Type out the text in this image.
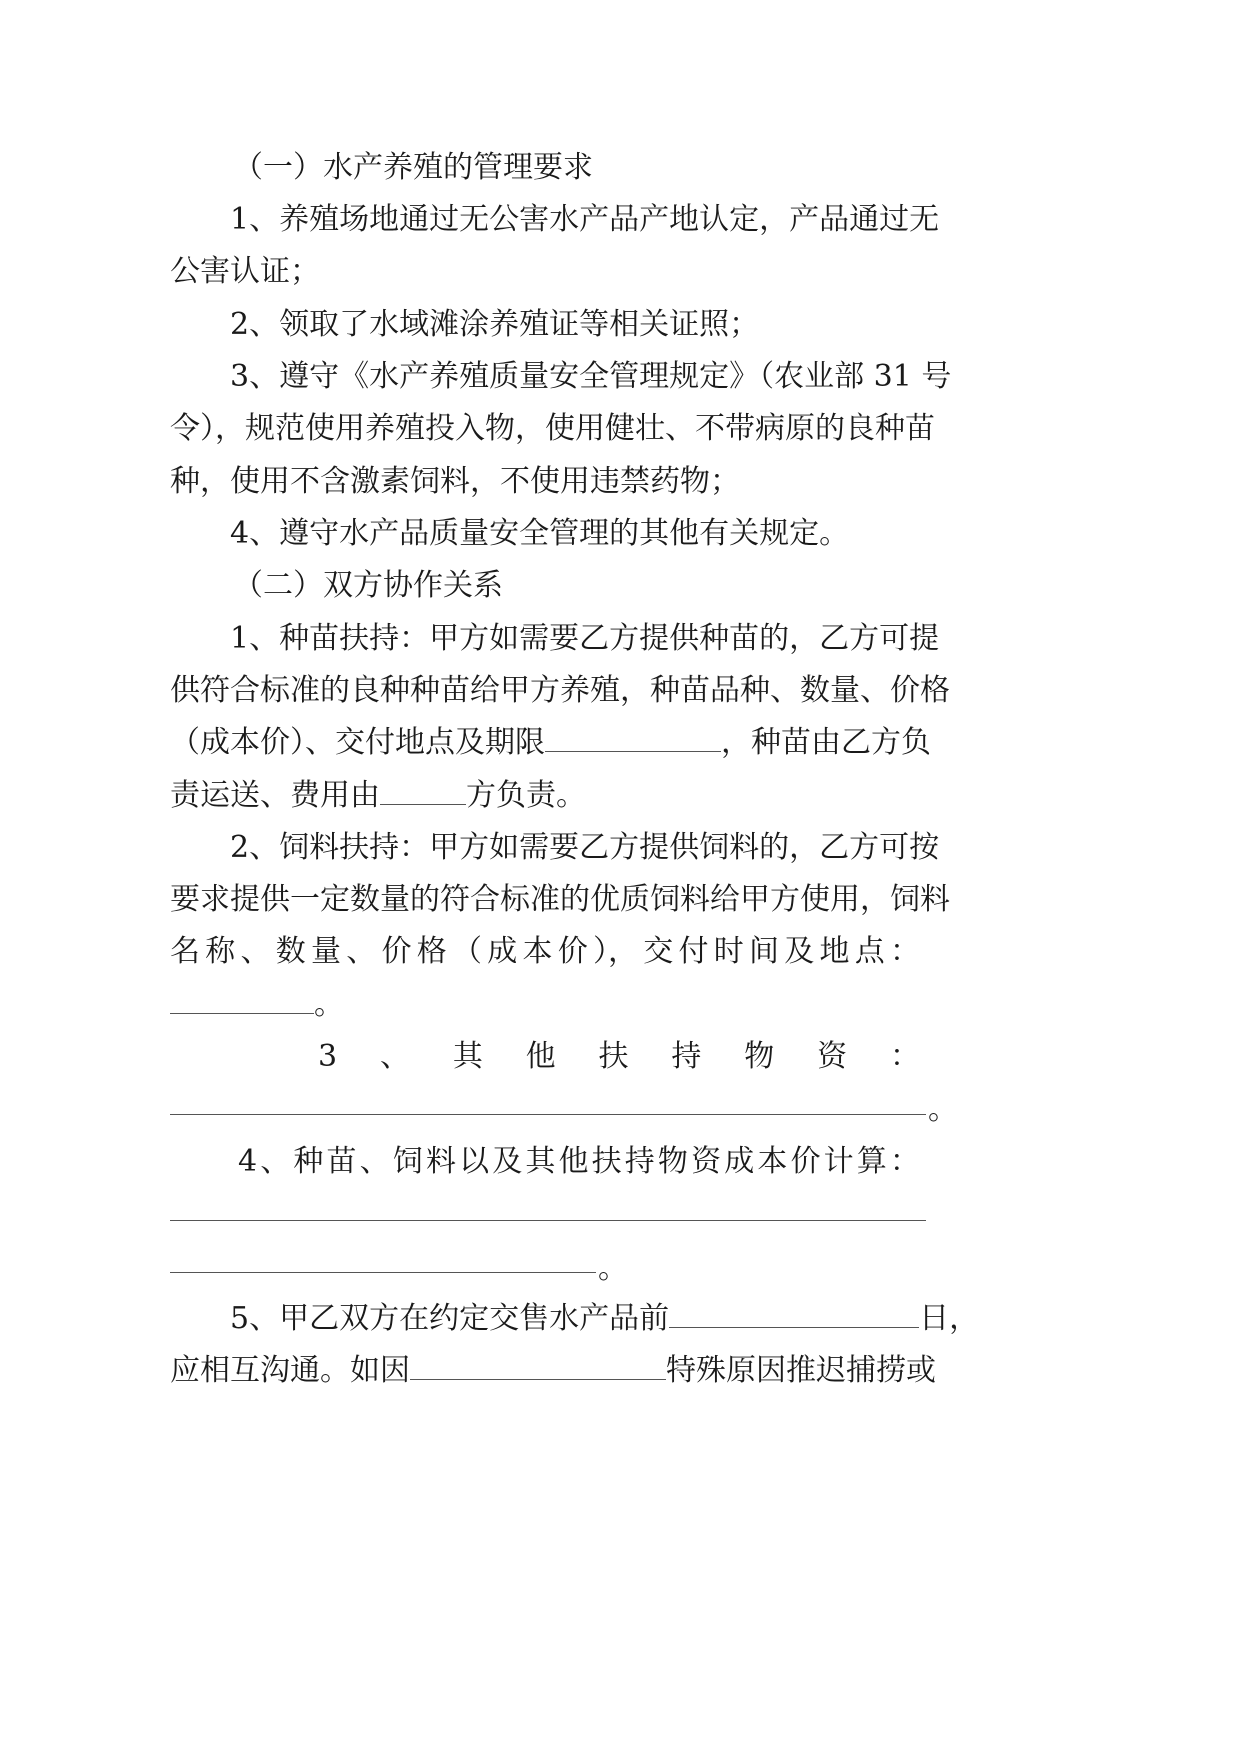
（一）水产养殖的管理要求
1、养殖场地通过无公害水产品产地认定，产品通过无
公害认证；
2、领取了水域滩涂养殖证等相关证照；
3、遵守《水产养殖质量安全管理规定》（农业部 31 号
令），规范使用养殖投入物，使用健壮、不带病原的良种苗
种，使用不含激素饲料，不使用违禁药物；
4、遵守水产品质量安全管理的其他有关规定。
（二）双方协作关系
1、种苗扶持：甲方如需要乙方提供种苗的，乙方可提
供符合标准的良种种苗给甲方养殖，种苗品种、数量、价格
（成本价）、交付地点及期限	，种苗由乙方负
责运送、费用由	方负责。
2、饲料扶持：甲方如需要乙方提供饲料的，乙方可按
要求提供一定数量的符合标准的优质饲料给甲方使用，饲料
名 称 、 数 量 、 价 格 （ 成 本 价 ）， 交 付 时 间 及 地 点 ：
。
3 、 其 他 扶 持 物 资 ：
。
4 、 种 苗 、 饲 料 以 及 其 他 扶 持 物 资 成 本 价 计 算 ：
。
5、甲乙双方在约定交售水产品前	日，
应相互沟通。如因	特殊原因推迟捕捞或
